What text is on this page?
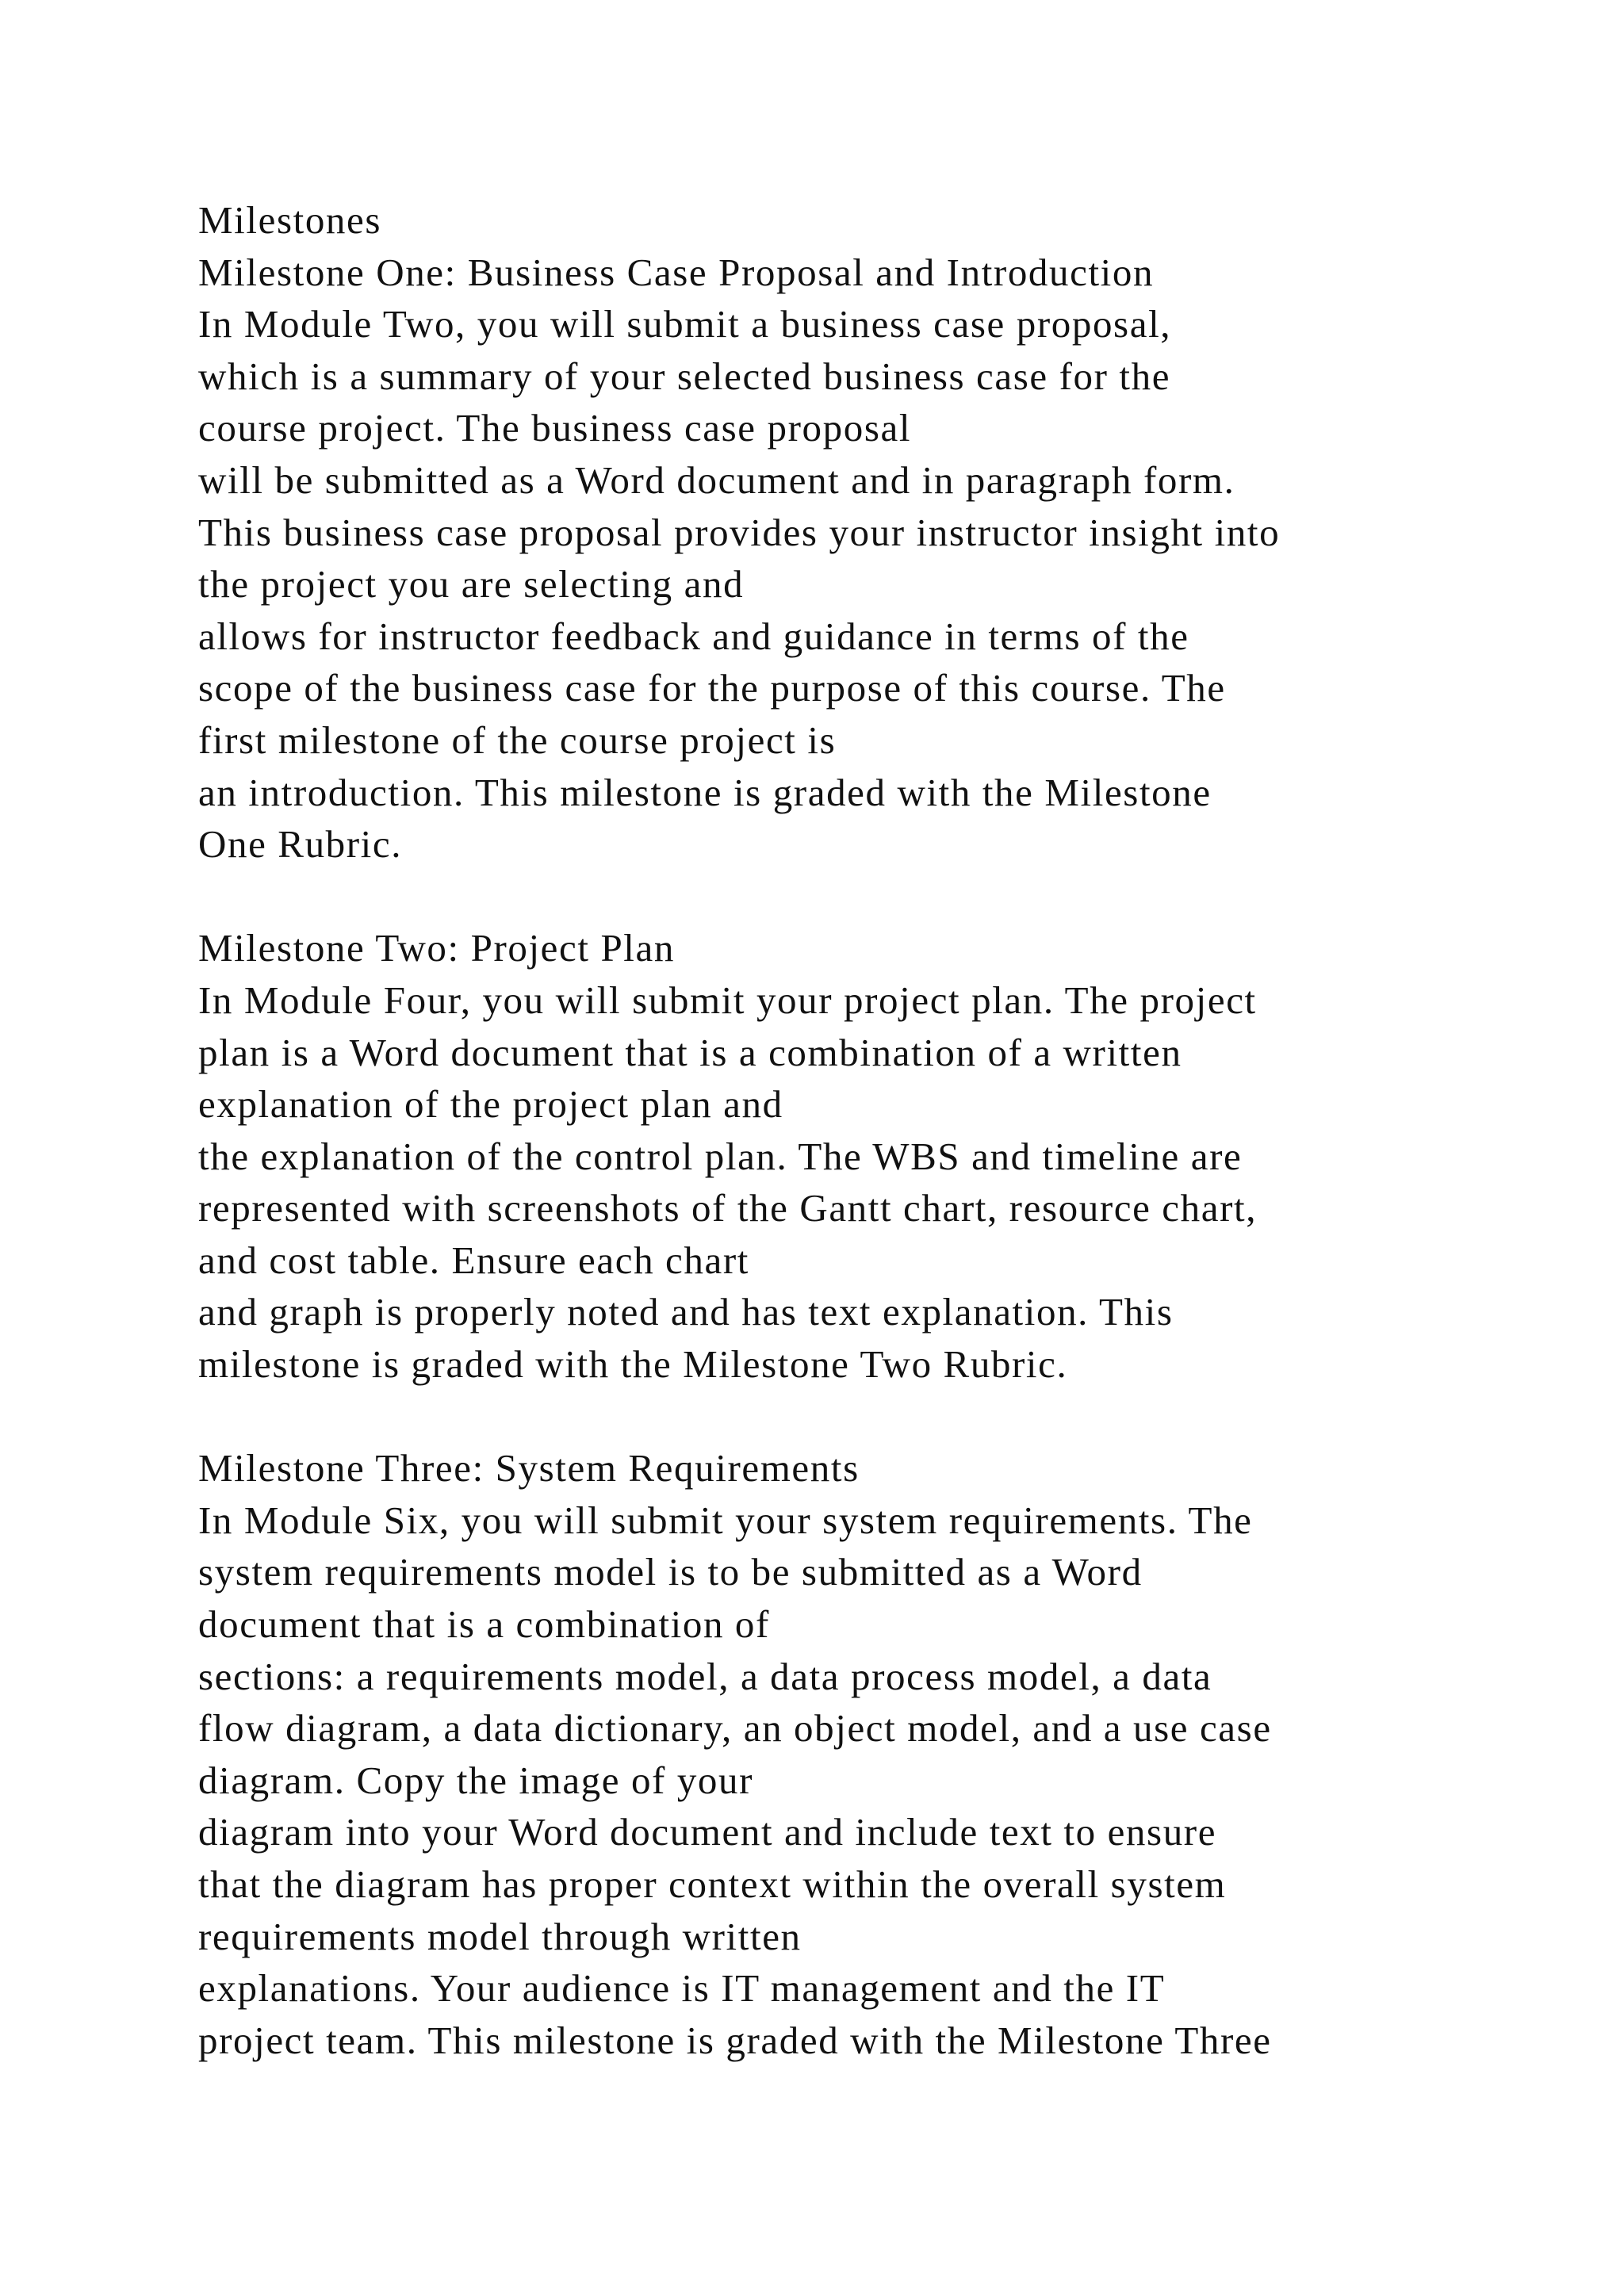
Milestones
Milestone One: Business Case Proposal and Introduction
In Module Two, you will submit a business case proposal,
which is a summary of your selected business case for the
course project. The business case proposal
will be submitted as a Word document and in paragraph form.
This business case proposal provides your instructor insight into
the project you are selecting and
allows for instructor feedback and guidance in terms of the
scope of the business case for the purpose of this course. The
first milestone of the course project is
an introduction. This milestone is graded with the Milestone
One Rubric.
Milestone Two: Project Plan
In Module Four, you will submit your project plan. The project
plan is a Word document that is a combination of a written
explanation of the project plan and
the explanation of the control plan. The WBS and timeline are
represented with screenshots of the Gantt chart, resource chart,
and cost table. Ensure each chart
and graph is properly noted and has text explanation. This
milestone is graded with the Milestone Two Rubric.
Milestone Three: System Requirements
In Module Six, you will submit your system requirements. The
system requirements model is to be submitted as a Word
document that is a combination of
sections: a requirements model, a data process model, a data
flow diagram, a data dictionary, an object model, and a use case
diagram. Copy the image of your
diagram into your Word document and include text to ensure
that the diagram has proper context within the overall system
requirements model through written
explanations. Your audience is IT management and the IT
project team. This milestone is graded with the Milestone Three
